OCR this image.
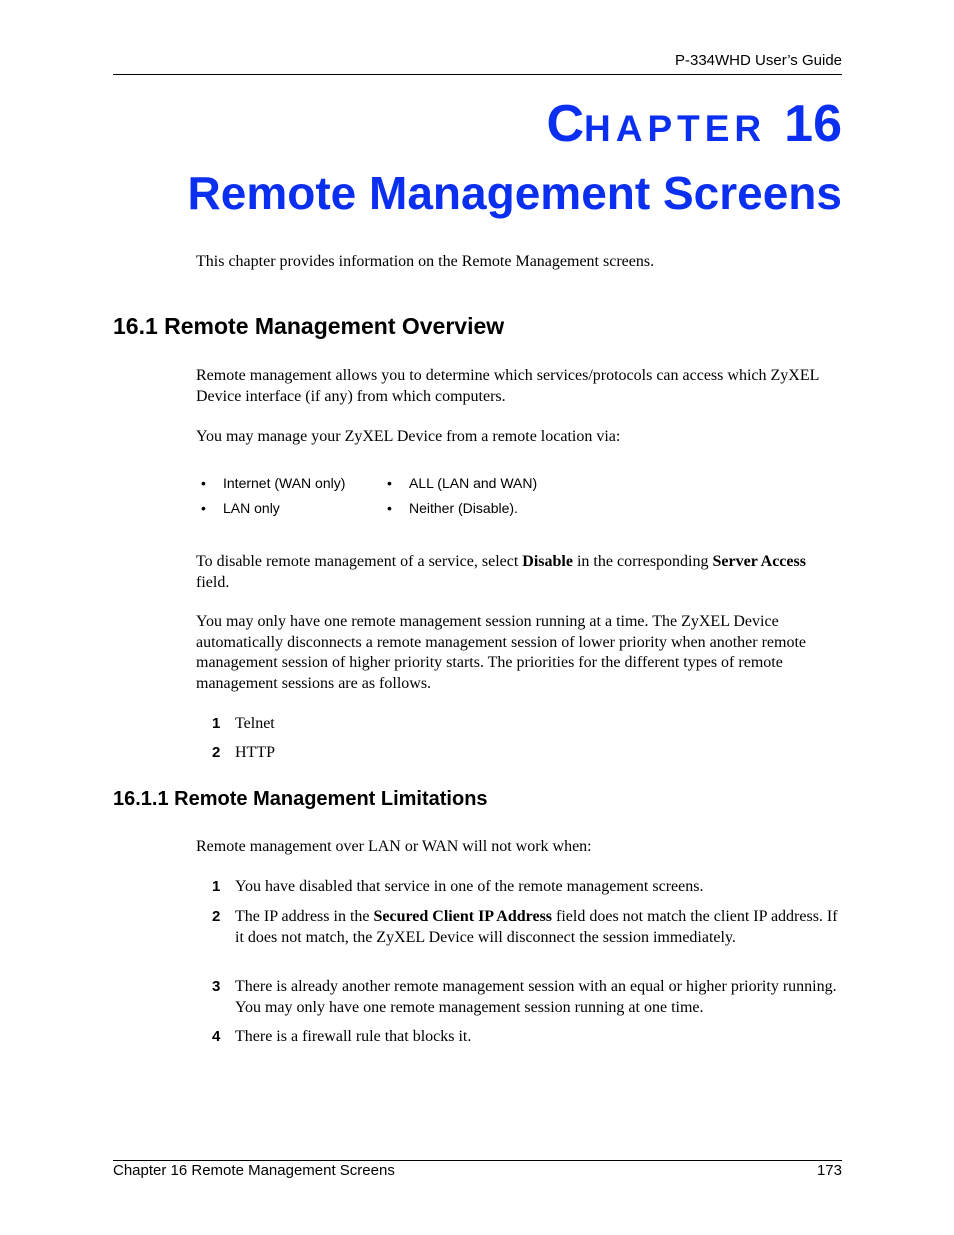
P-334WHD User’s Guide
CHAPTER 16
Remote Management Screens
This chapter provides information on the Remote Management screens.
16.1 Remote Management Overview
Remote management allows you to determine which services/protocols can access which ZyXEL Device interface (if any) from which computers.
You may manage your ZyXEL Device from a remote location via:
• Internet (WAN only)	• ALL (LAN and WAN)
• LAN only	• Neither (Disable).
To disable remote management of a service, select Disable in the corresponding Server Access field.
You may only have one remote management session running at a time. The ZyXEL Device automatically disconnects a remote management session of lower priority when another remote management session of higher priority starts. The priorities for the different types of remote management sessions are as follows.
1 Telnet
2 HTTP
16.1.1 Remote Management Limitations
Remote management over LAN or WAN will not work when:
1 You have disabled that service in one of the remote management screens.
2 The IP address in the Secured Client IP Address field does not match the client IP address. If it does not match, the ZyXEL Device will disconnect the session immediately.
3 There is already another remote management session with an equal or higher priority running. You may only have one remote management session running at one time.
4 There is a firewall rule that blocks it.
Chapter 16 Remote Management Screens	173
